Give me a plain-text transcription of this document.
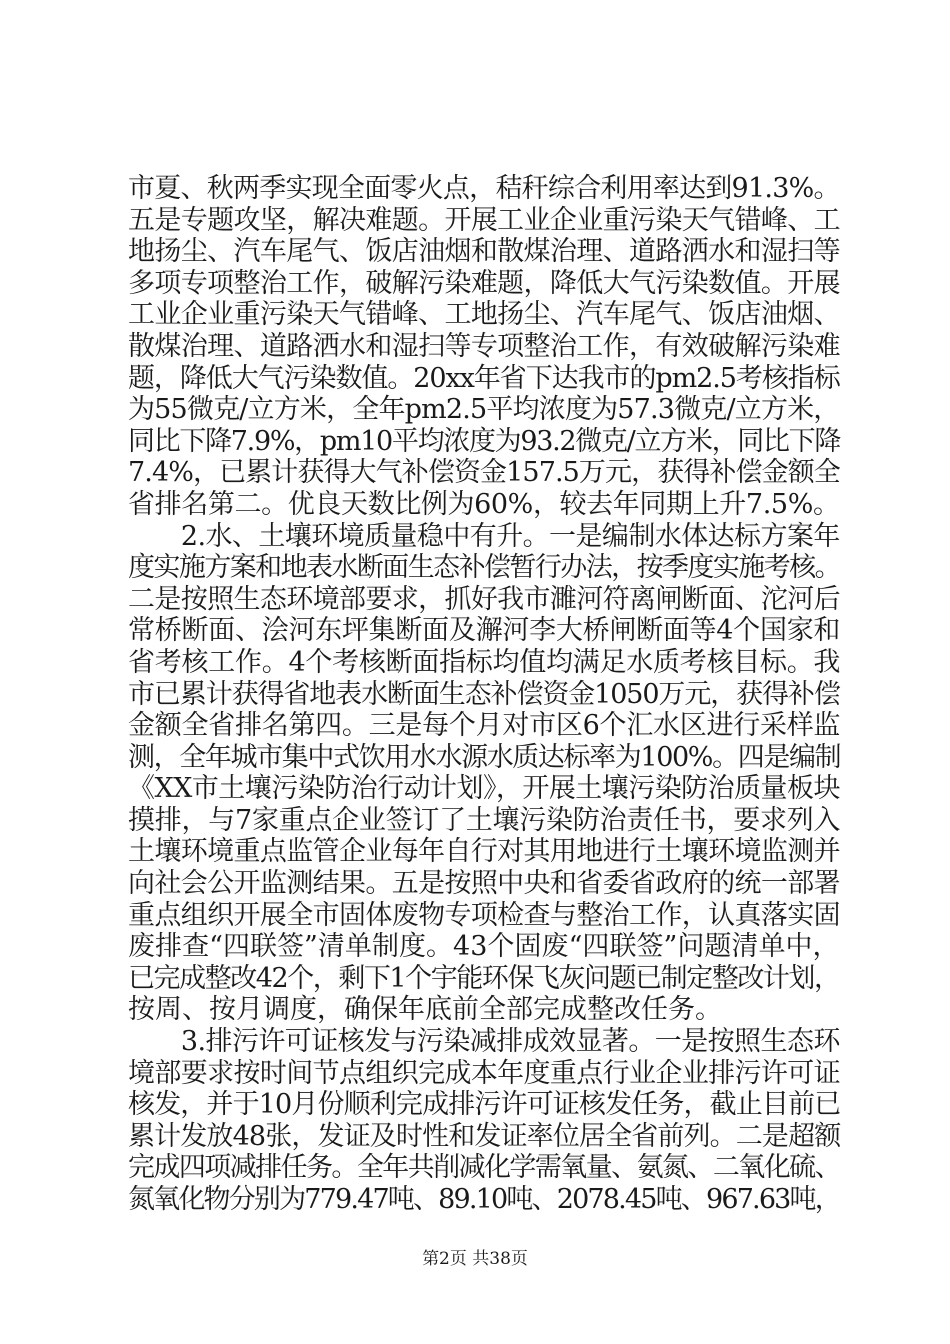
市夏、秋两季实现全面零火点，秸秆综合利用率达到91.3%。
五是专题攻坚，解决难题。开展工业企业重污染天气错峰、工
地扬尘、汽车尾气、饭店油烟和散煤治理、道路洒水和湿扫等
多项专项整治工作，破解污染难题，降低大气污染数值。开展
工业企业重污染天气错峰、工地扬尘、汽车尾气、饭店油烟、
散煤治理、道路洒水和湿扫等专项整治工作，有效破解污染难
题，降低大气污染数值。20xx年省下达我市的pm2.5考核指标
为55微克/立方米，全年pm2.5平均浓度为57.3微克/立方米，
同比下降7.9%，pm10平均浓度为93.2微克/立方米，同比下降
7.4%，已累计获得大气补偿资金157.5万元，获得补偿金额全
省排名第二。优良天数比例为60%，较去年同期上升7.5%。
　　2.水、土壤环境质量稳中有升。一是编制水体达标方案年
度实施方案和地表水断面生态补偿暂行办法，按季度实施考核。
二是按照生态环境部要求，抓好我市濉河符离闸断面、沱河后
常桥断面、浍河东坪集断面及澥河李大桥闸断面等4个国家和
省考核工作。4个考核断面指标均值均满足水质考核目标。我
市已累计获得省地表水断面生态补偿资金1050万元，获得补偿
金额全省排名第四。三是每个月对市区6个汇水区进行采样监
测，全年城市集中式饮用水水源水质达标率为100%。四是编制
《XX市土壤污染防治行动计划》，开展土壤污染防治质量板块
摸排，与7家重点企业签订了土壤污染防治责任书，要求列入
土壤环境重点监管企业每年自行对其用地进行土壤环境监测并
向社会公开监测结果。五是按照中央和省委省政府的统一部署
重点组织开展全市固体废物专项检查与整治工作，认真落实固
废排查“四联签”清单制度。43个固废“四联签”问题清单中，
已完成整改42个，剩下1个宇能环保飞灰问题已制定整改计划，
按周、按月调度，确保年底前全部完成整改任务。
　　3.排污许可证核发与污染减排成效显著。一是按照生态环
境部要求按时间节点组织完成本年度重点行业企业排污许可证
核发，并于10月份顺利完成排污许可证核发任务，截止目前已
累计发放48张，发证及时性和发证率位居全省前列。二是超额
完成四项减排任务。全年共削减化学需氧量、氨氮、二氧化硫、
氮氧化物分别为779.47吨、89.10吨、2078.45吨、967.63吨，
第2页 共38页
